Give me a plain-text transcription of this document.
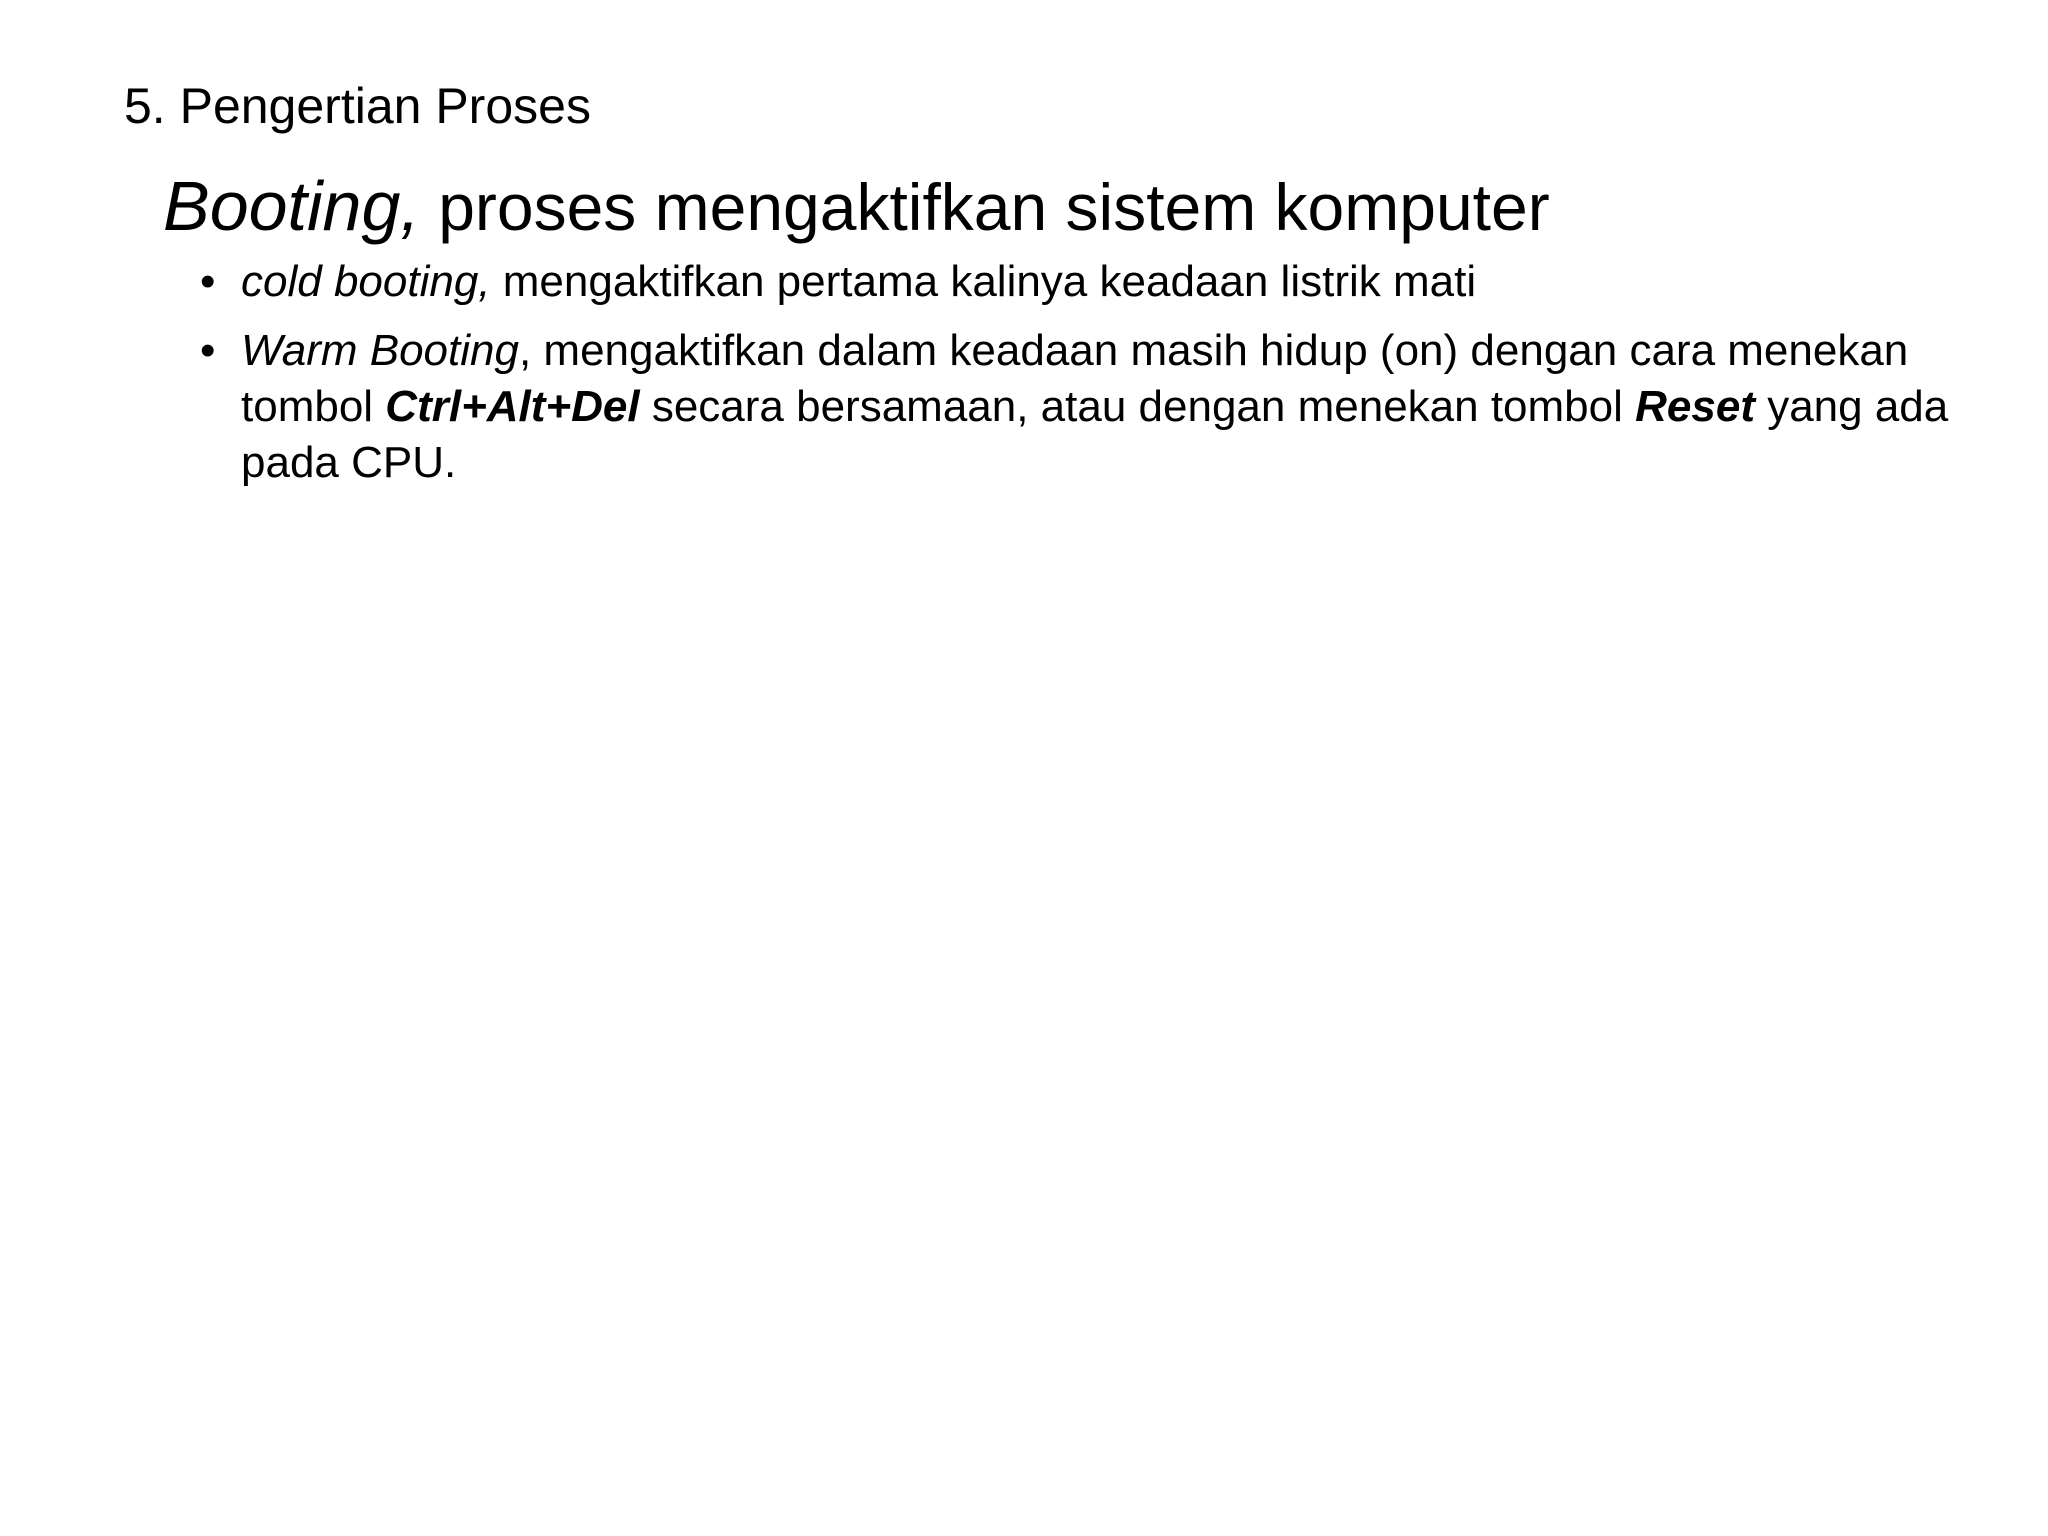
5. Pengertian Proses
Booting, proses mengaktifkan sistem komputer
• cold booting, mengaktifkan pertama kalinya keadaan listrik mati
• Warm Booting, mengaktifkan dalam keadaan masih hidup (on) dengan cara menekan tombol Ctrl+Alt+Del secara bersamaan, atau dengan menekan tombol Reset yang ada pada CPU.
